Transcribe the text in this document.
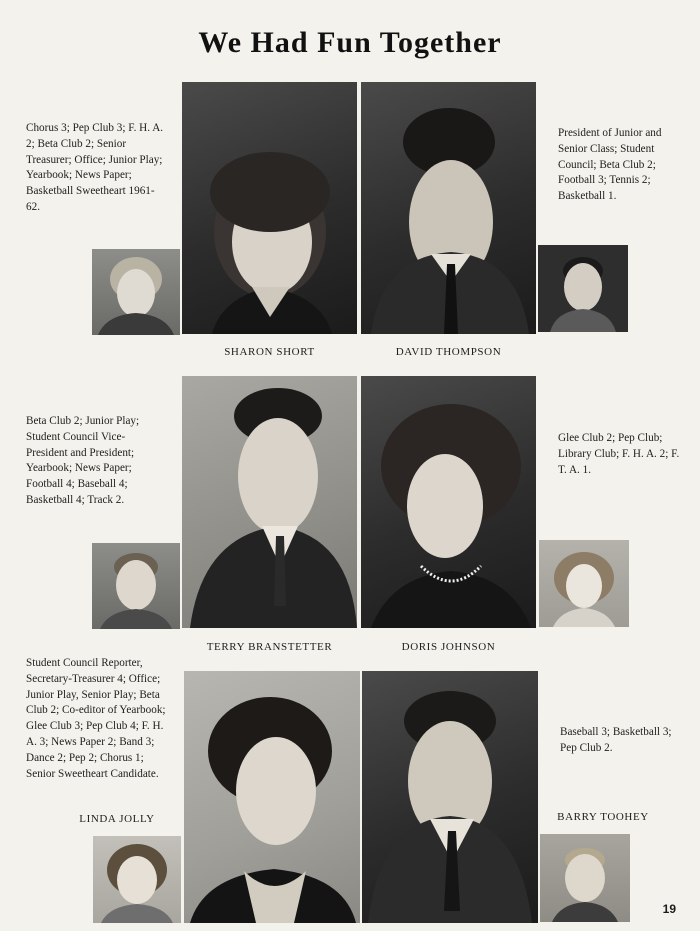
We Had Fun Together
Chorus 3; Pep Club 3; F. H. A. 2; Beta Club 2; Senior Treasurer; Office; Junior Play; Yearbook; News Paper; Basketball Sweetheart 1961-62.
President of Junior and Senior Class; Student Council; Beta Club 2; Football 3; Tennis 2; Basketball 1.
SHARON SHORT	DAVID THOMPSON
Beta Club 2; Junior Play; Student Council Vice-President and President; Yearbook; News Paper; Football 4; Baseball 4; Basketball 4; Track 2.
Glee Club 2; Pep Club; Library Club; F. H. A. 2; F. T. A. 1.
TERRY BRANSTETTER	DORIS JOHNSON
Student Council Reporter, Secretary-Treasurer 4; Office; Junior Play, Senior Play; Beta Club 2; Co-editor of Yearbook; Glee Club 3; Pep Club 4; F. H. A. 3; News Paper 2; Band 3; Dance 2; Pep 2; Chorus 1; Senior Sweetheart Candidate.
Baseball 3; Basketball 3; Pep Club 2.
LINDA JOLLY	BARRY TOOHEY
19
